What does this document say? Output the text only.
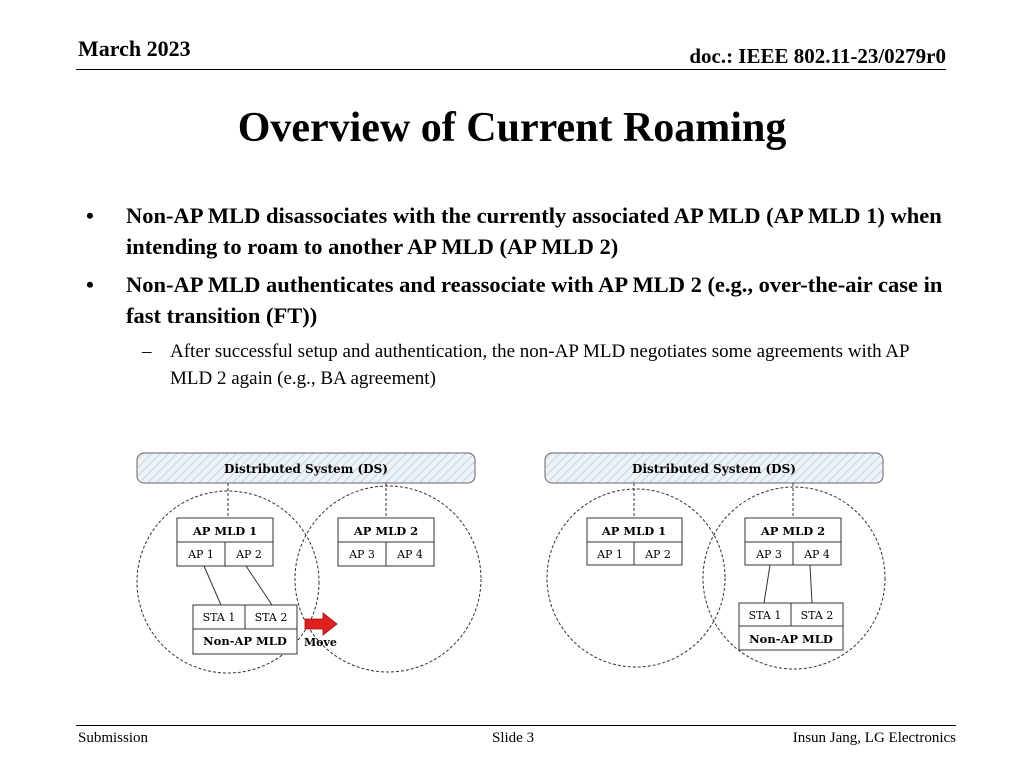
March 2023	doc.: IEEE 802.11-23/0279r0
Overview of Current Roaming
• Non-AP MLD disassociates with the currently associated AP MLD (AP MLD 1) when intending to roam to another AP MLD (AP MLD 2)
• Non-AP MLD authenticates and reassociate with AP MLD 2 (e.g., over-the-air case in fast transition (FT))
– After successful setup and authentication, the non-AP MLD negotiates some agreements with AP MLD 2 again (e.g., BA agreement)
Distributed System (DS)
AP MLD 1
AP 1 AP 2
AP MLD 2
AP 3 AP 4
STA 1 STA 2
Non-AP MLD Move
Distributed System (DS)
AP MLD 1
AP 1 AP 2
AP MLD 2
AP 3 AP 4
STA 1 STA 2
Non-AP MLD
Submission	Slide 3	Insun Jang, LG Electronics
